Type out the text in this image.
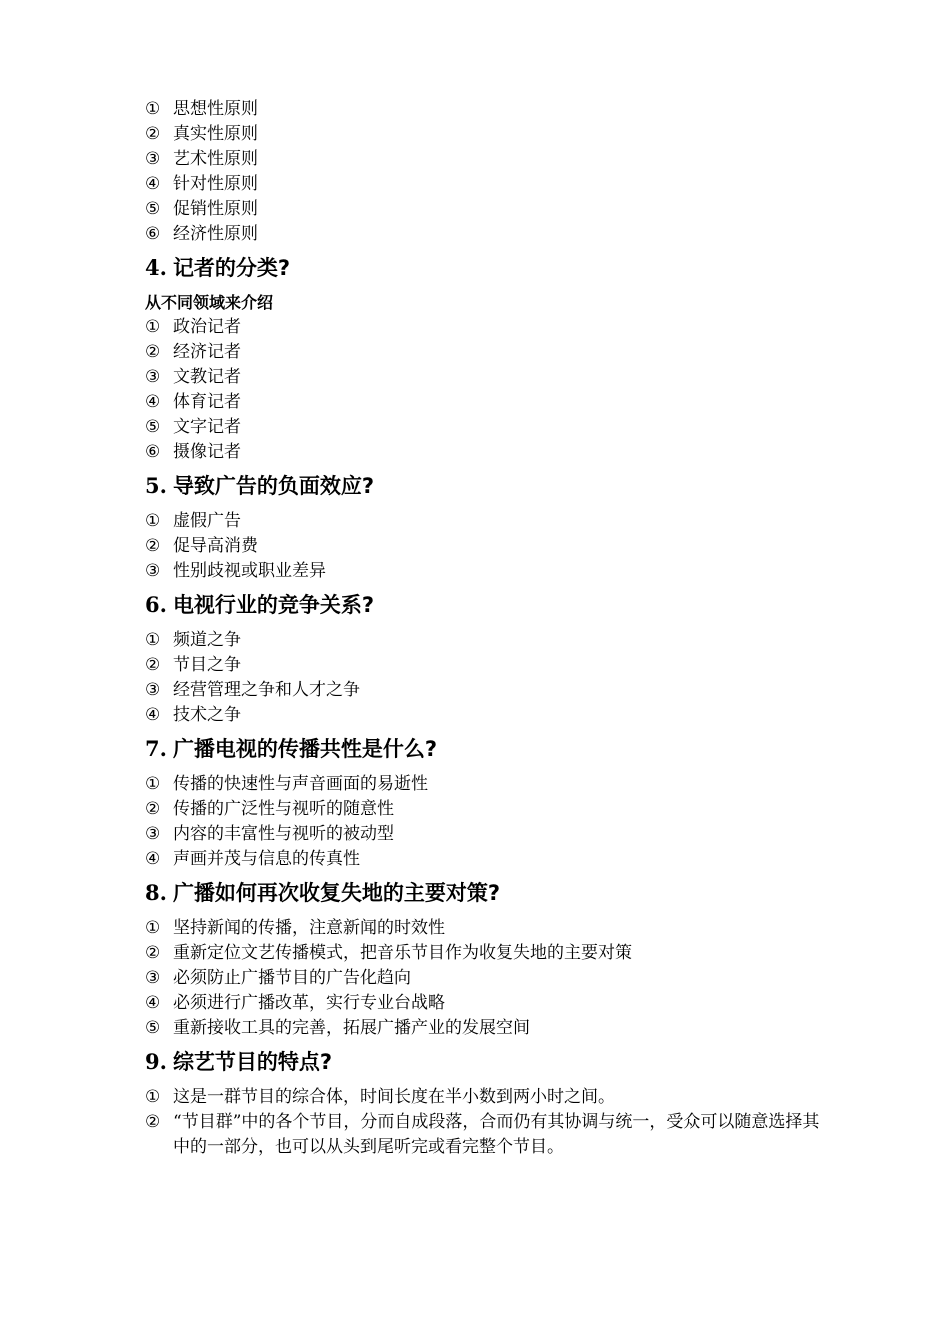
① 思想性原则
② 真实性原则
③ 艺术性原则
④ 针对性原则
⑤ 促销性原则
⑥ 经济性原则
4. 记者的分类?

从不同领域来介绍

① 政治记者
② 经济记者
③ 文教记者
④ 体育记者
⑤ 文字记者
⑥ 摄像记者
5. 导致广告的负面效应?
① 虚假广告
② 促导高消费
③ 性别歧视或职业差异
6. 电视行业的竞争关系?
① 频道之争
② 节目之争
③ 经营管理之争和人才之争
④ 技术之争
7. 广播电视的传播共性是什么?
① 传播的快速性与声音画面的易逝性
② 传播的广泛性与视听的随意性
③ 内容的丰富性与视听的被动型
④ 声画并茂与信息的传真性
8. 广播如何再次收复失地的主要对策?
① 坚持新闻的传播，注意新闻的时效性
② 重新定位文艺传播模式，把音乐节目作为收复失地的主要对策
③ 必须防止广播节目的广告化趋向
④ 必须进行广播改革，实行专业台战略
⑤ 重新接收工具的完善，拓展广播产业的发展空间
9. 综艺节目的特点?
① 这是一群节目的综合体，时间长度在半小数到两小时之间。
② “节目群”中的各个节目，分而自成段落，合而仍有其协调与统一，受众可以随意选择其中的一部分，也可以从头到尾听完或看完整个节目。
